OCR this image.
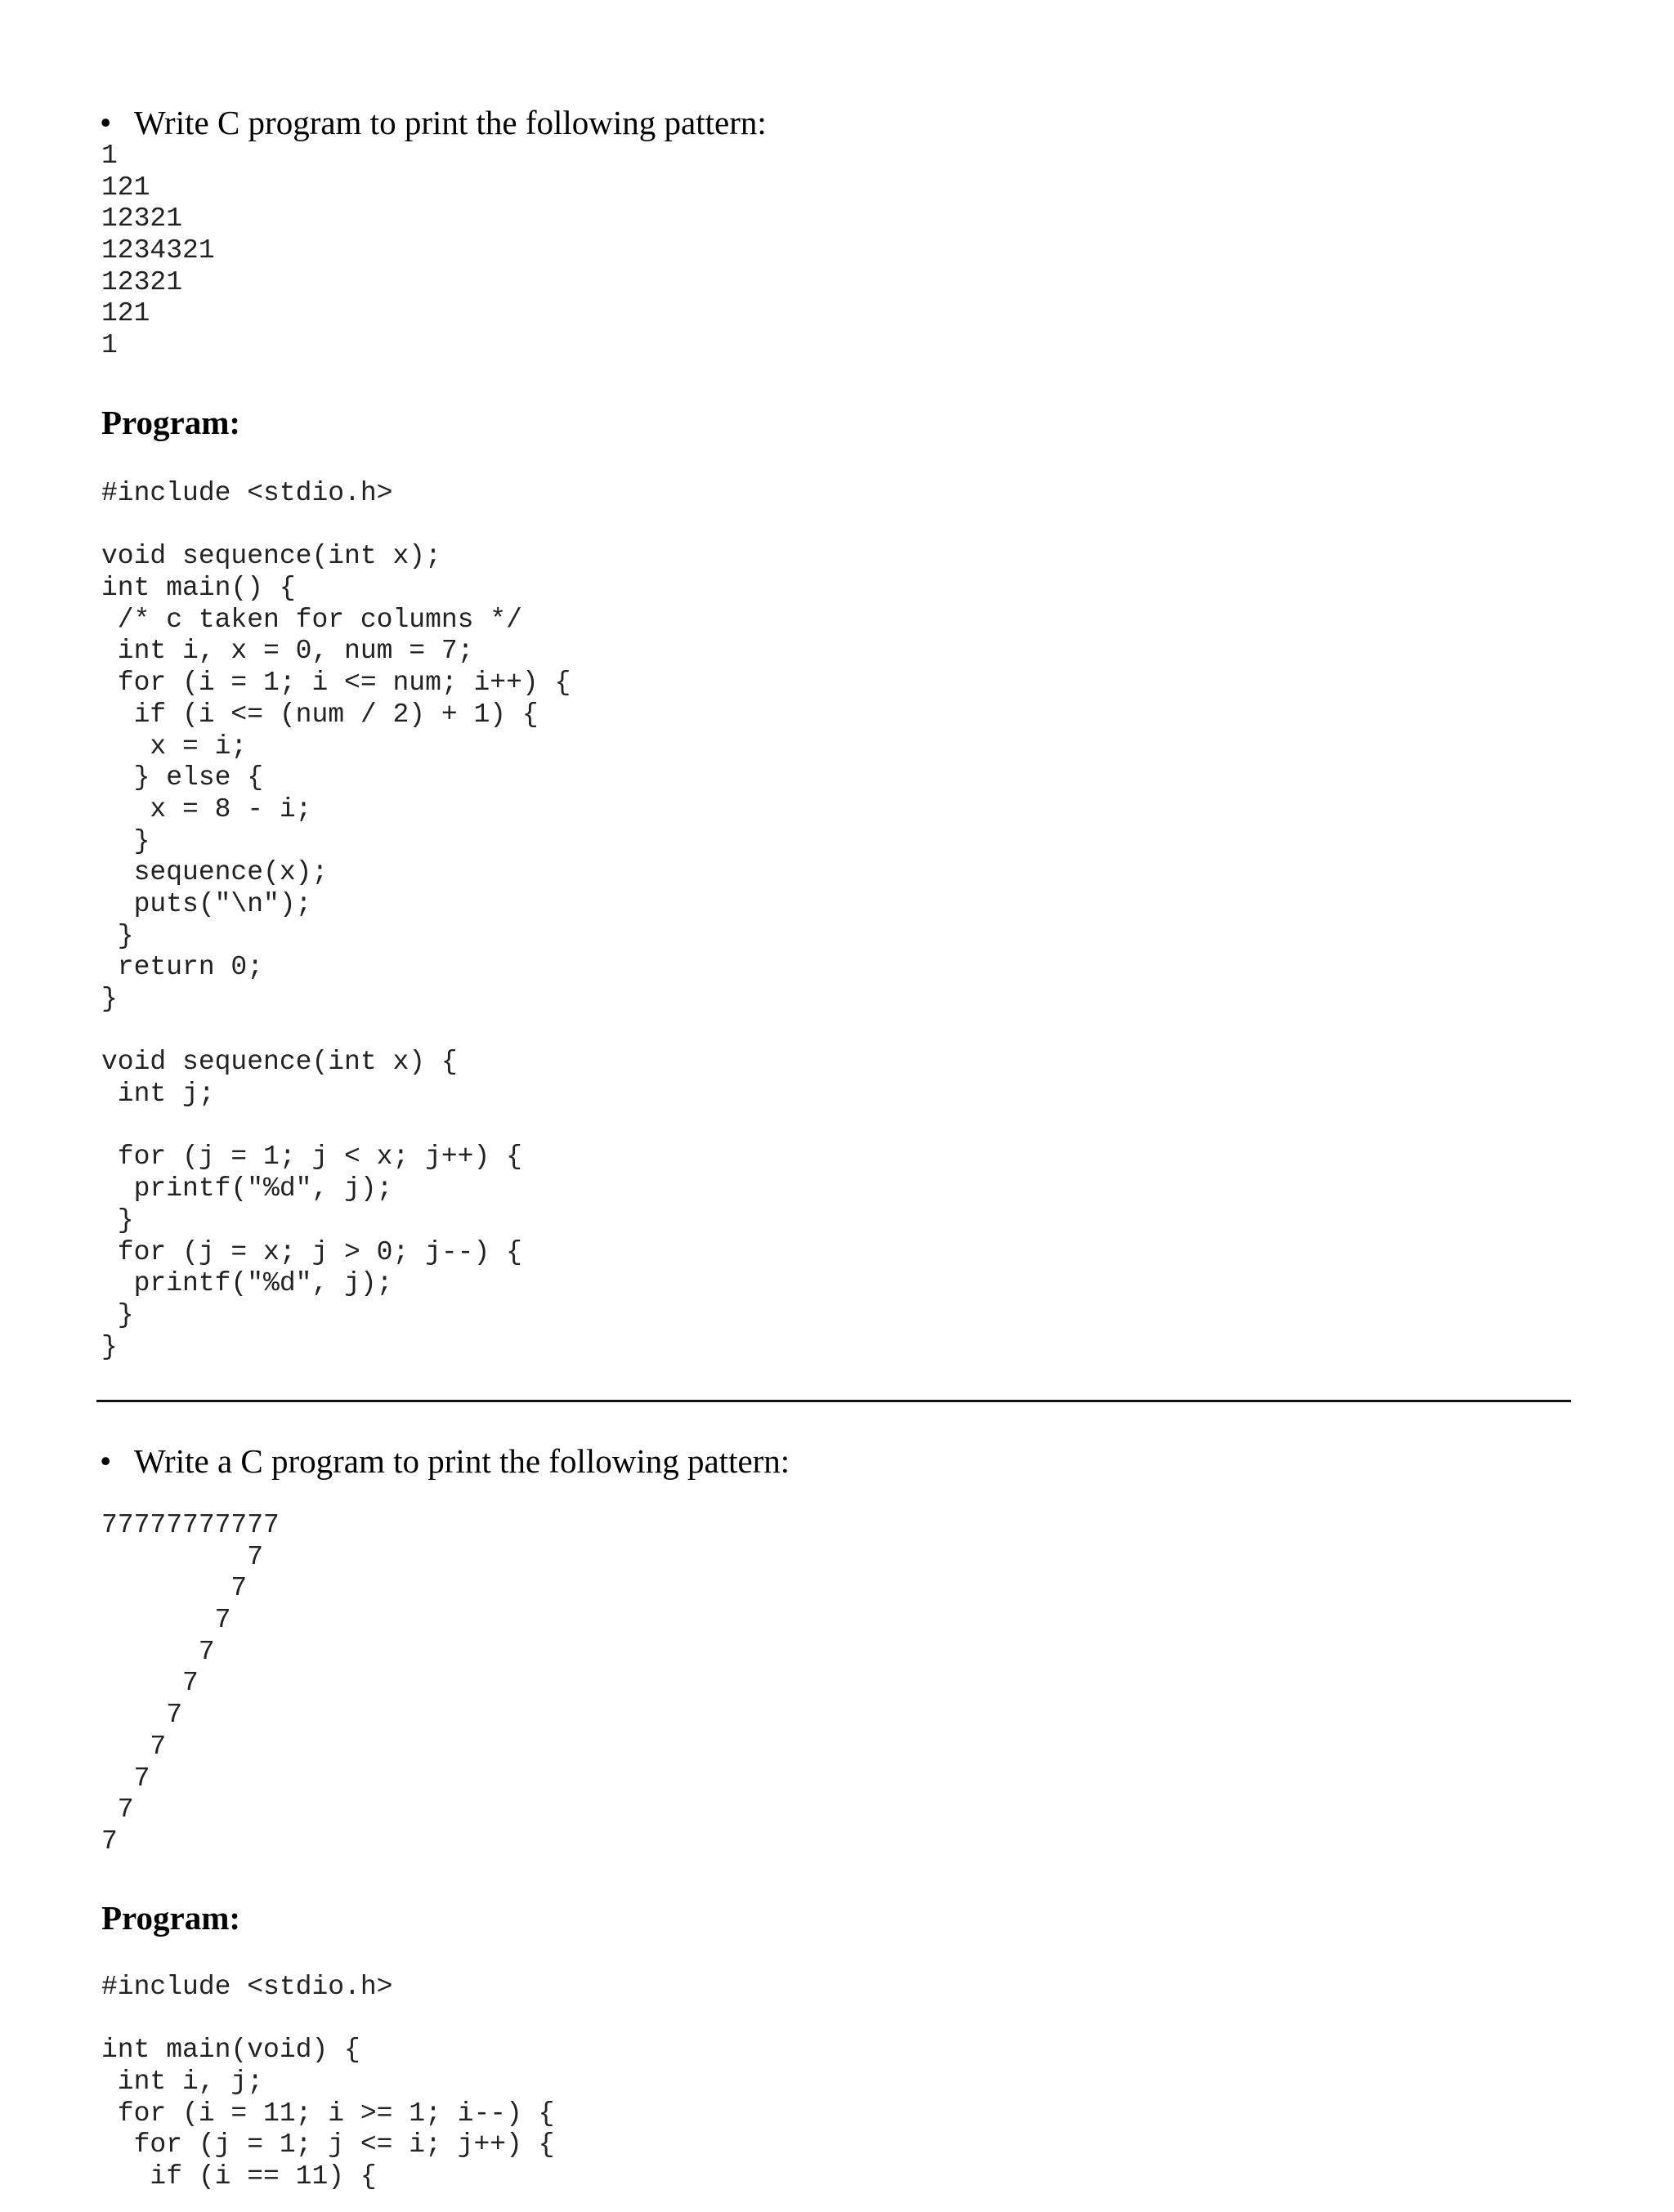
• Write C program to print the following pattern:
1
121
12321
1234321
12321
121
1
Program:
#include <stdio.h>
void sequence(int x);
int main() {
/* c taken for columns */
int i, x = 0, num = 7;
for (i = 1; i <= num; i++) {
if (i <= (num / 2) + 1) {
x = i;
} else {
x = 8 - i;
}
sequence(x);
puts("\n");
}
return 0;
}
void sequence(int x) {
int j;
for (j = 1; j < x; j++) {
printf("%d", j);
}
for (j = x; j > 0; j--) {
printf("%d", j);
}
}
• Write a C program to print the following pattern:
77777777777
7
7
7
7
7
7
7
7
7
7
Program:
#include <stdio.h>
int main(void) {
int i, j;
for (i = 11; i >= 1; i--) {
for (j = 1; j <= i; j++) {
if (i == 11) {
